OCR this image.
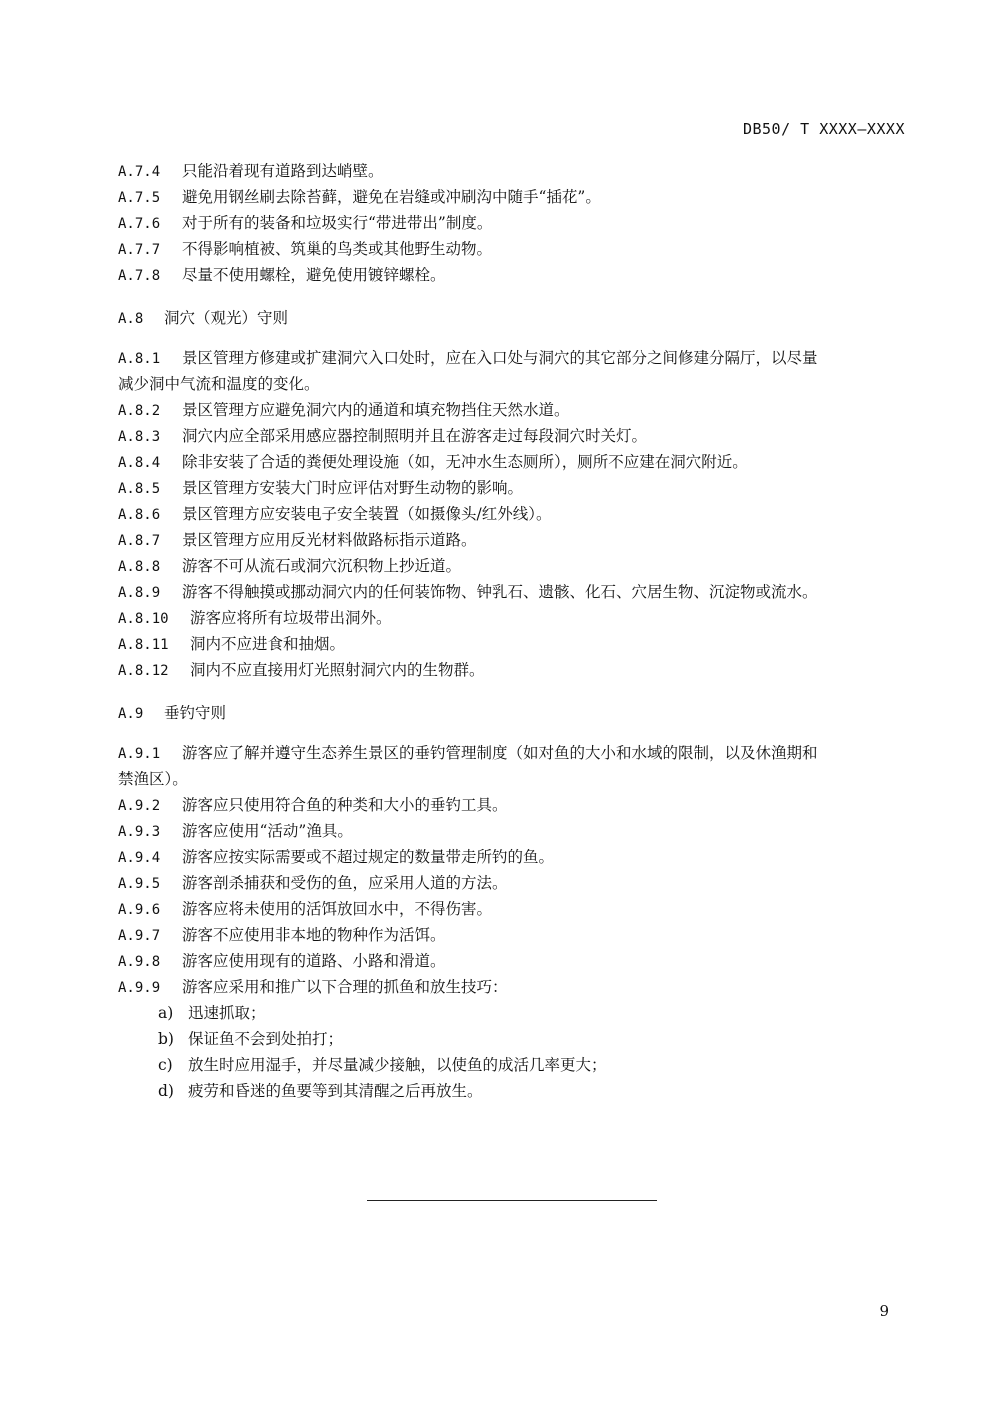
DB50/ T XXXX—XXXX
A.7.4 只能沿着现有道路到达峭壁。
A.7.5 避免用钢丝刷去除苔藓，避免在岩缝或冲刷沟中随手“插花”。
A.7.6 对于所有的装备和垃圾实行“带进带出”制度。
A.7.7 不得影响植被、筑巢的鸟类或其他野生动物。
A.7.8 尽量不使用螺栓，避免使用镀锌螺栓。
A.8 洞穴（观光）守则
A.8.1 景区管理方修建或扩建洞穴入口处时，应在入口处与洞穴的其它部分之间修建分隔厅，以尽量
减少洞中气流和温度的变化。
A.8.2 景区管理方应避免洞穴内的通道和填充物挡住天然水道。
A.8.3 洞穴内应全部采用感应器控制照明并且在游客走过每段洞穴时关灯。
A.8.4 除非安装了合适的粪便处理设施（如，无冲水生态厕所），厕所不应建在洞穴附近。
A.8.5 景区管理方安装大门时应评估对野生动物的影响。
A.8.6 景区管理方应安装电子安全装置（如摄像头/红外线）。
A.8.7 景区管理方应用反光材料做路标指示道路。
A.8.8 游客不可从流石或洞穴沉积物上抄近道。
A.8.9 游客不得触摸或挪动洞穴内的任何装饰物、钟乳石、遗骸、化石、穴居生物、沉淀物或流水。
A.8.10 游客应将所有垃圾带出洞外。
A.8.11 洞内不应进食和抽烟。
A.8.12 洞内不应直接用灯光照射洞穴内的生物群。
A.9 垂钓守则
A.9.1 游客应了解并遵守生态养生景区的垂钓管理制度（如对鱼的大小和水域的限制，以及休渔期和
禁渔区）。
A.9.2 游客应只使用符合鱼的种类和大小的垂钓工具。
A.9.3 游客应使用“活动”渔具。
A.9.4 游客应按实际需要或不超过规定的数量带走所钓的鱼。
A.9.5 游客剖杀捕获和受伤的鱼，应采用人道的方法。
A.9.6 游客应将未使用的活饵放回水中，不得伤害。
A.9.7 游客不应使用非本地的物种作为活饵。
A.9.8 游客应使用现有的道路、小路和滑道。
A.9.9 游客应采用和推广以下合理的抓鱼和放生技巧：
a) 迅速抓取；
b) 保证鱼不会到处拍打；
c) 放生时应用湿手，并尽量减少接触，以使鱼的成活几率更大；
d) 疲劳和昏迷的鱼要等到其清醒之后再放生。
9
